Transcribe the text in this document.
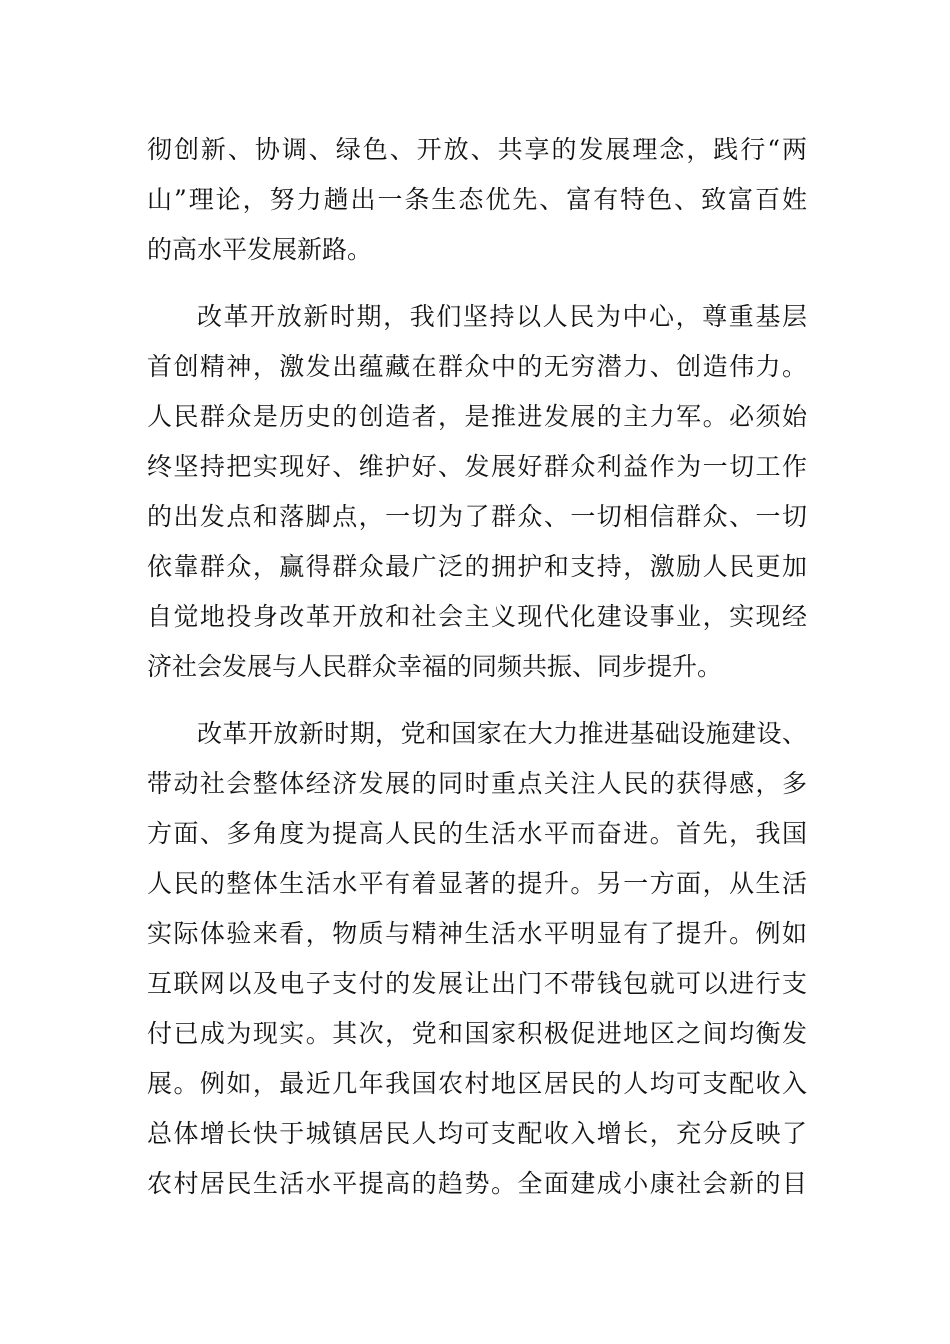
彻创新、协调、绿色、开放、共享的发展理念，践行“两
山”理论，努力趟出一条生态优先、富有特色、致富百姓
的高水平发展新路。
改革开放新时期，我们坚持以人民为中心，尊重基层
首创精神，激发出蕴藏在群众中的无穷潜力、创造伟力。
人民群众是历史的创造者，是推进发展的主力军。必须始
终坚持把实现好、维护好、发展好群众利益作为一切工作
的出发点和落脚点，一切为了群众、一切相信群众、一切
依靠群众，赢得群众最广泛的拥护和支持，激励人民更加
自觉地投身改革开放和社会主义现代化建设事业，实现经
济社会发展与人民群众幸福的同频共振、同步提升。
改革开放新时期，党和国家在大力推进基础设施建设、
带动社会整体经济发展的同时重点关注人民的获得感，多
方面、多角度为提高人民的生活水平而奋进。首先，我国
人民的整体生活水平有着显著的提升。另一方面，从生活
实际体验来看，物质与精神生活水平明显有了提升。例如
互联网以及电子支付的发展让出门不带钱包就可以进行支
付已成为现实。其次，党和国家积极促进地区之间均衡发
展。例如，最近几年我国农村地区居民的人均可支配收入
总体增长快于城镇居民人均可支配收入增长，充分反映了
农村居民生活水平提高的趋势。全面建成小康社会新的目
